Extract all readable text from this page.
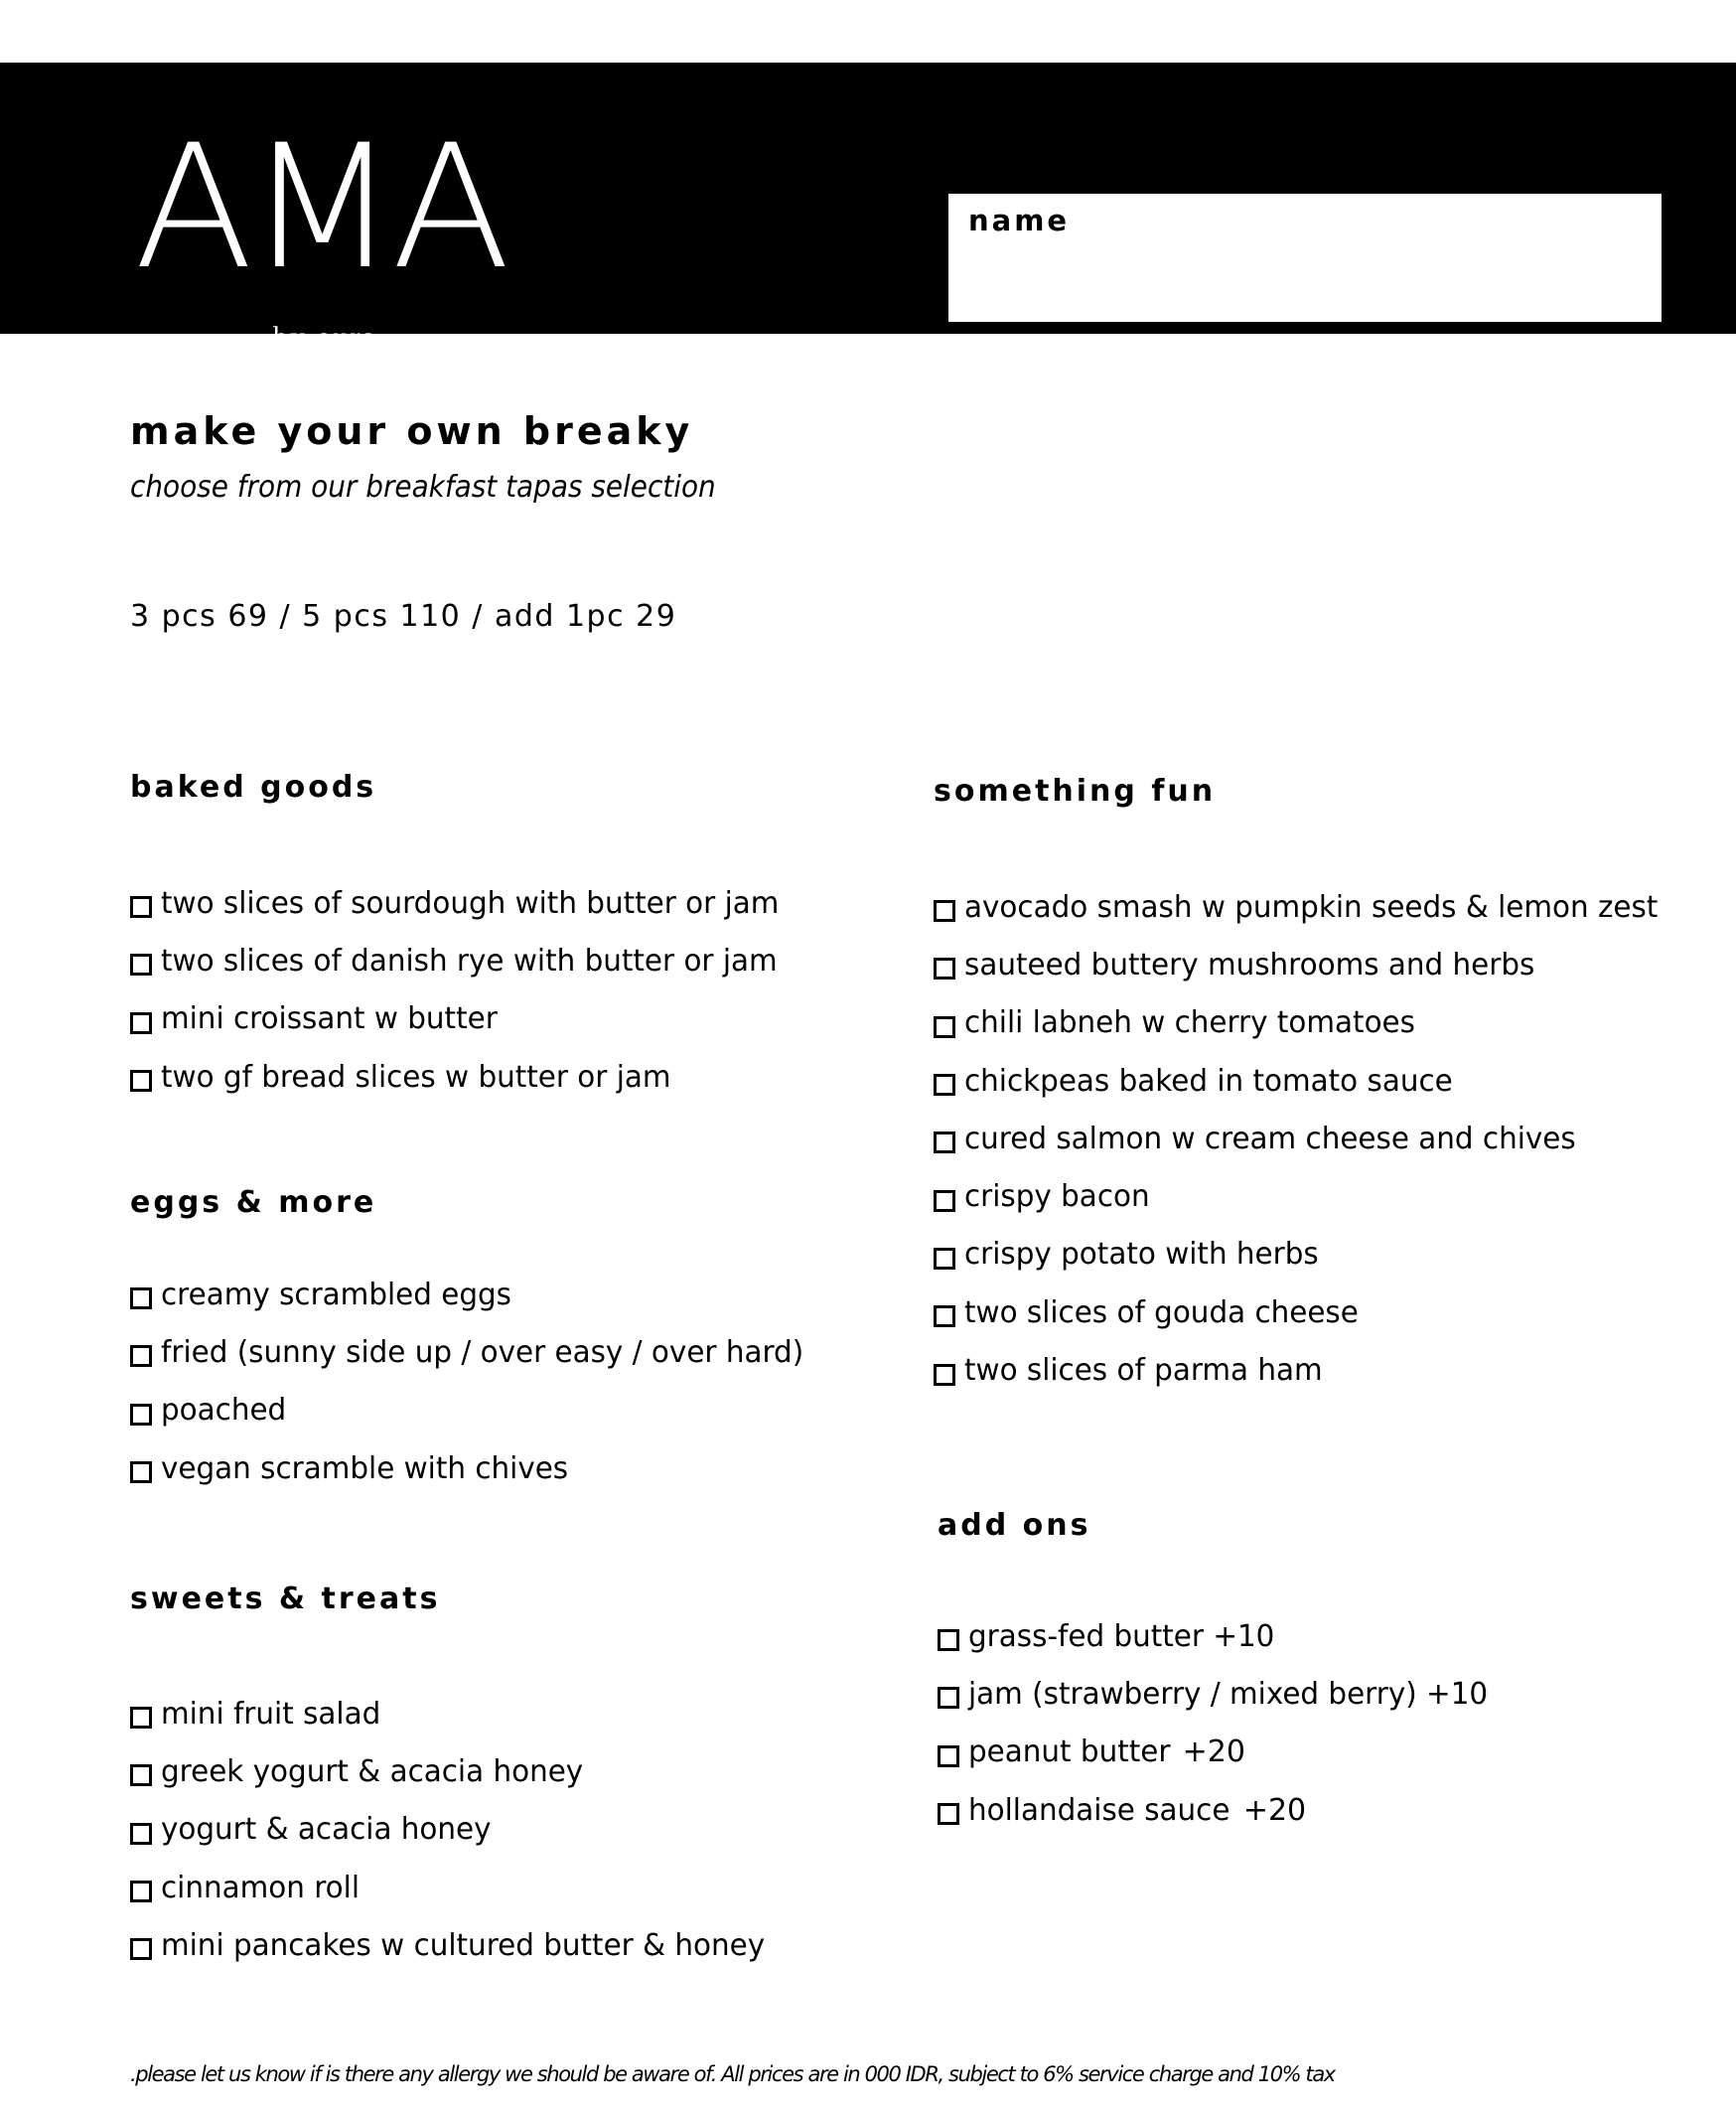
AMA
by ours.
name
make your own breaky
choose from our breakfast tapas selection
3 pcs 69 / 5 pcs 110 / add 1pc 29
baked goods
two slices of sourdough with butter or jam
two slices of danish rye with butter or jam
mini croissant w butter
two gf bread slices w butter or jam
eggs & more
creamy scrambled eggs
fried (sunny side up / over easy / over hard)
poached
vegan scramble with chives
sweets & treats
mini fruit salad
greek yogurt & acacia honey
yogurt & acacia honey
cinnamon roll
mini pancakes w cultured butter & honey
something fun
avocado smash w pumpkin seeds & lemon zest
sauteed buttery mushrooms and herbs
chili labneh w cherry tomatoes
chickpeas baked in tomato sauce
cured salmon w cream cheese and chives
crispy bacon
crispy potato with herbs
two slices of gouda cheese
two slices of parma ham
add ons
grass-fed butter +10
jam (strawberry / mixed berry) +10
peanut butter +20
hollandaise sauce +20
.please let us know if is there any allergy we should be aware of. All prices are in 000 IDR, subject to 6% service charge and 10% tax
